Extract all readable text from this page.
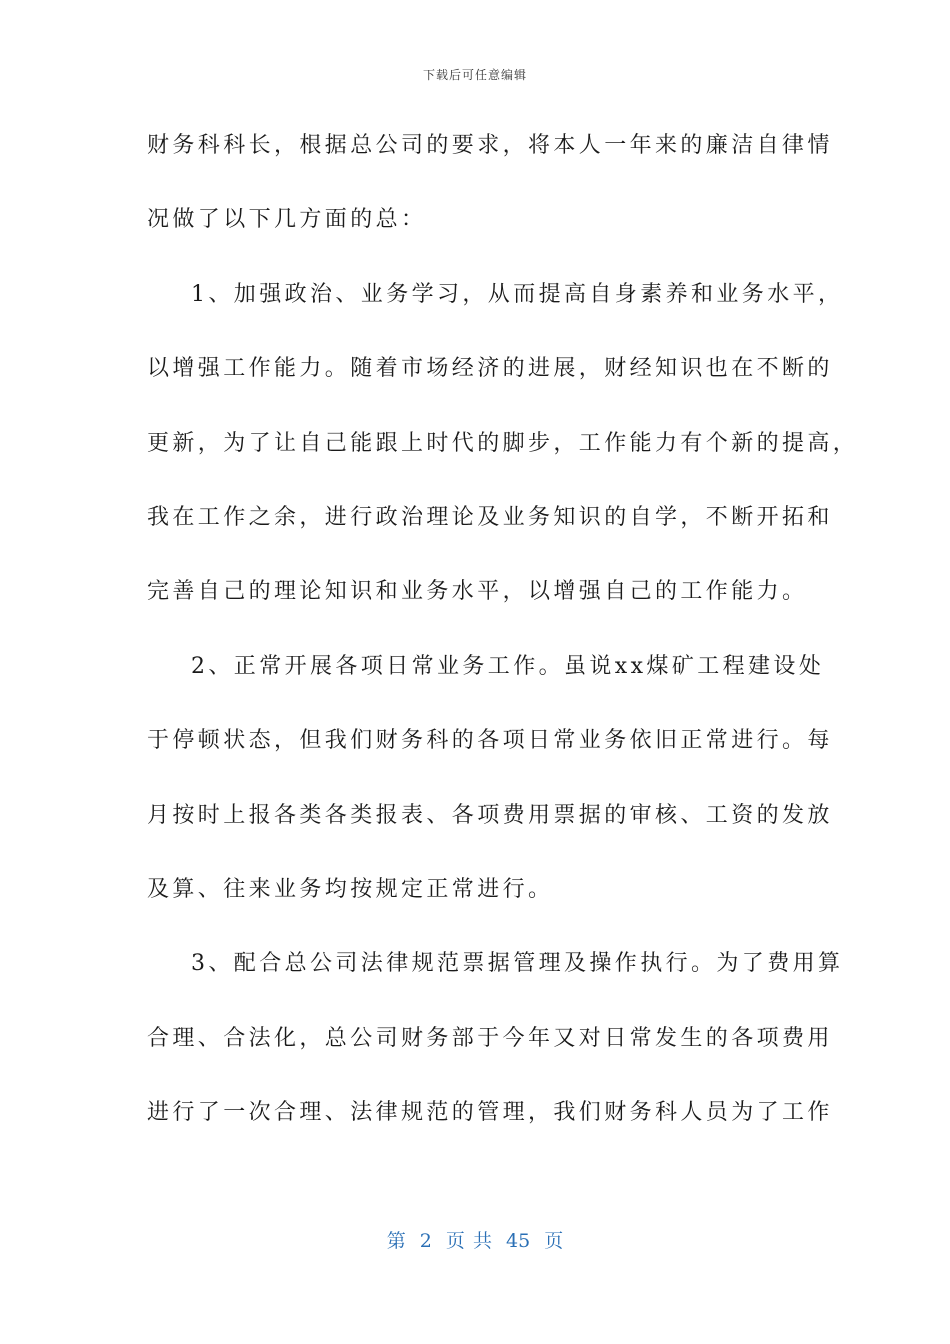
下载后可任意编辑
财务科科长，根据总公司的要求，将本人一年来的廉洁自律情
况做了以下几方面的总：
1、加强政治、业务学习，从而提高自身素养和业务水平，
以增强工作能力。随着市场经济的进展，财经知识也在不断的
更新，为了让自己能跟上时代的脚步，工作能力有个新的提高，
我在工作之余，进行政治理论及业务知识的自学，不断开拓和
完善自己的理论知识和业务水平，以增强自己的工作能力。
2、正常开展各项日常业务工作。虽说xx煤矿工程建设处
于停顿状态，但我们财务科的各项日常业务依旧正常进行。每
月按时上报各类各类报表、各项费用票据的审核、工资的发放
及算、往来业务均按规定正常进行。
3、配合总公司法律规范票据管理及操作执行。为了费用算
合理、合法化，总公司财务部于今年又对日常发生的各项费用
进行了一次合理、法律规范的管理，我们财务科人员为了工作
第 2 页 共 45 页
